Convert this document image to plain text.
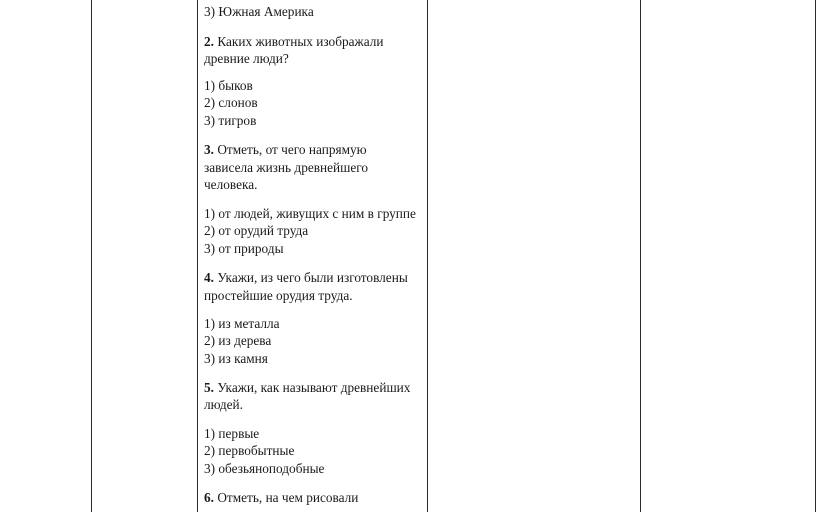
3) Южная Америка
2. Каких животных изображали
древние люди?
1) быков
2) слонов
3) тигров
3. Отметь, от чего напрямую
зависела жизнь древнейшего
человека.
1) от людей, живущих с ним в группе
2) от орудий труда
3) от природы
4. Укажи, из чего были изготовлены
простейшие орудия труда.
1) из металла
2) из дерева
3) из камня
5. Укажи, как называют древнейших
людей.
1) первые
2) первобытные
3) обезьяноподобные
6. Отметь, на чем рисовали
